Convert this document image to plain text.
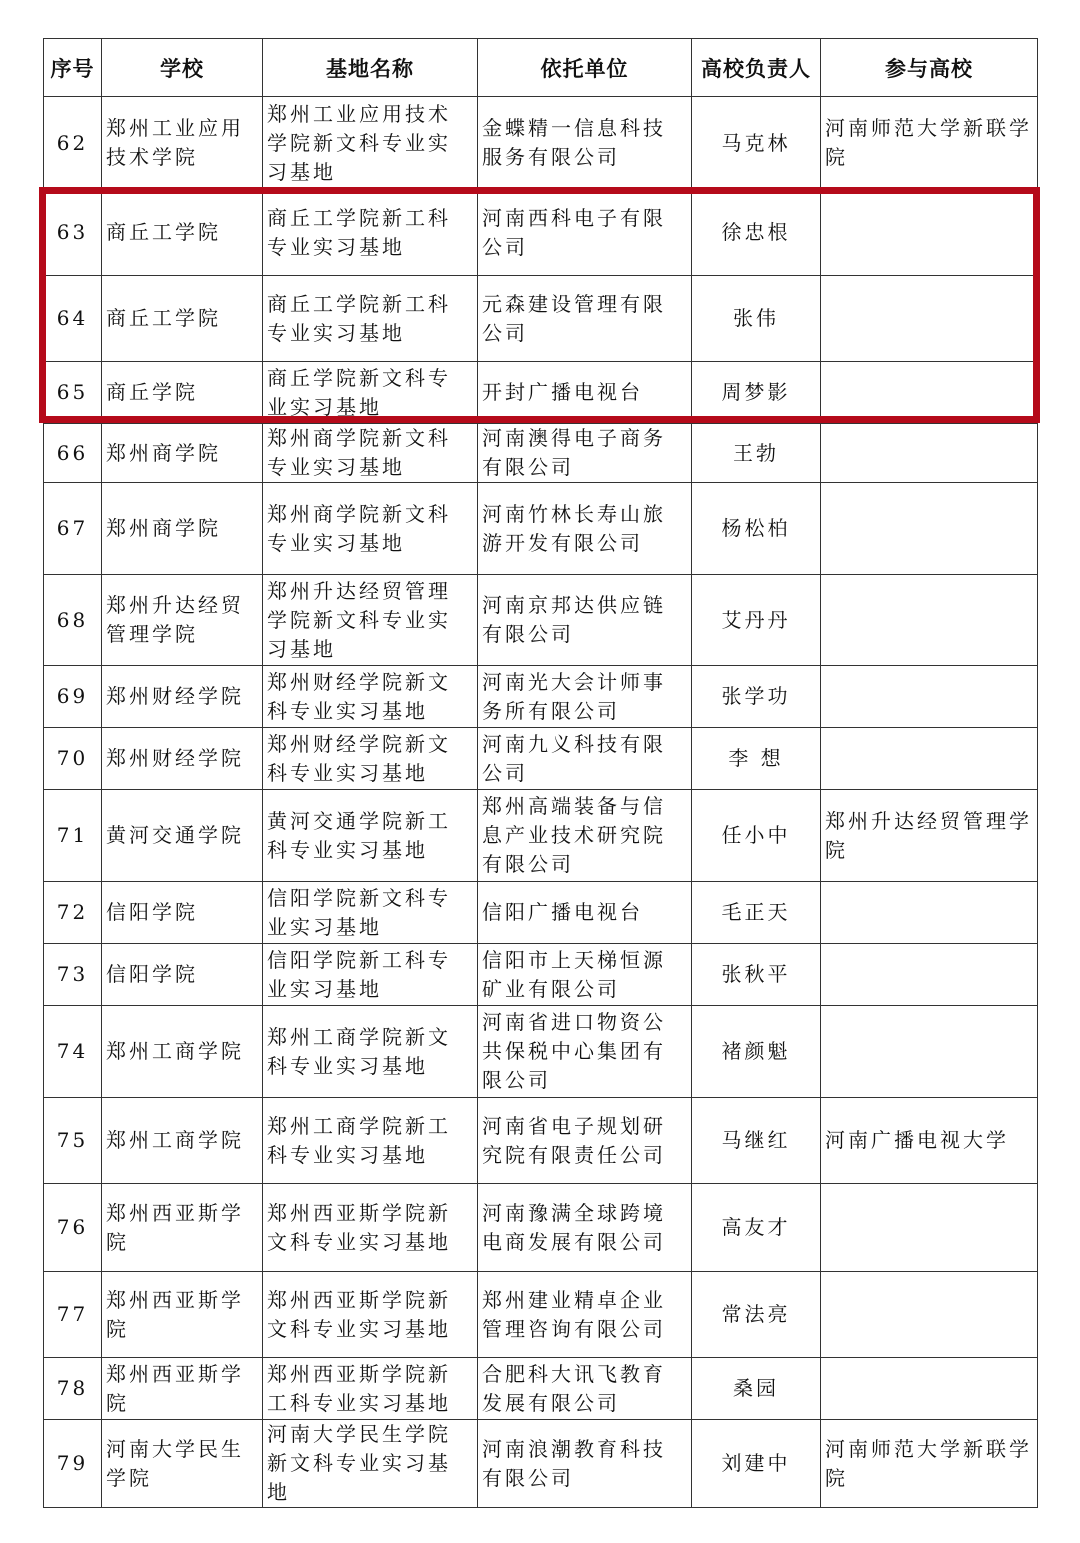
序号	学校	基地名称	依托单位	高校负责人	参与高校
62	郑州工业应用技术学院	郑州工业应用技术学院新文科专业实习基地	金蝶精一信息科技服务有限公司	马克林	河南师范大学新联学院
63	商丘工学院	商丘工学院新工科专业实习基地	河南西科电子有限公司	徐忠根	
64	商丘工学院	商丘工学院新工科专业实习基地	元森建设管理有限公司	张伟	
65	商丘学院	商丘学院新文科专业实习基地	开封广播电视台	周梦影	
66	郑州商学院	郑州商学院新文科专业实习基地	河南澳得电子商务有限公司	王勃	
67	郑州商学院	郑州商学院新文科专业实习基地	河南竹林长寿山旅游开发有限公司	杨松柏	
68	郑州升达经贸管理学院	郑州升达经贸管理学院新文科专业实习基地	河南京邦达供应链有限公司	艾丹丹	
69	郑州财经学院	郑州财经学院新文科专业实习基地	河南光大会计师事务所有限公司	张学功	
70	郑州财经学院	郑州财经学院新文科专业实习基地	河南九义科技有限公司	李 想	
71	黄河交通学院	黄河交通学院新工科专业实习基地	郑州高端装备与信息产业技术研究院有限公司	任小中	郑州升达经贸管理学院
72	信阳学院	信阳学院新文科专业实习基地	信阳广播电视台	毛正天	
73	信阳学院	信阳学院新工科专业实习基地	信阳市上天梯恒源矿业有限公司	张秋平	
74	郑州工商学院	郑州工商学院新文科专业实习基地	河南省进口物资公共保税中心集团有限公司	褚颜魁	
75	郑州工商学院	郑州工商学院新工科专业实习基地	河南省电子规划研究院有限责任公司	马继红	河南广播电视大学
76	郑州西亚斯学院	郑州西亚斯学院新文科专业实习基地	河南豫满全球跨境电商发展有限公司	高友才	
77	郑州西亚斯学院	郑州西亚斯学院新文科专业实习基地	郑州建业精卓企业管理咨询有限公司	常法亮	
78	郑州西亚斯学院	郑州西亚斯学院新工科专业实习基地	合肥科大讯飞教育发展有限公司	桑园	
79	河南大学民生学院	河南大学民生学院新文科专业实习基地	河南浪潮教育科技有限公司	刘建中	河南师范大学新联学院
